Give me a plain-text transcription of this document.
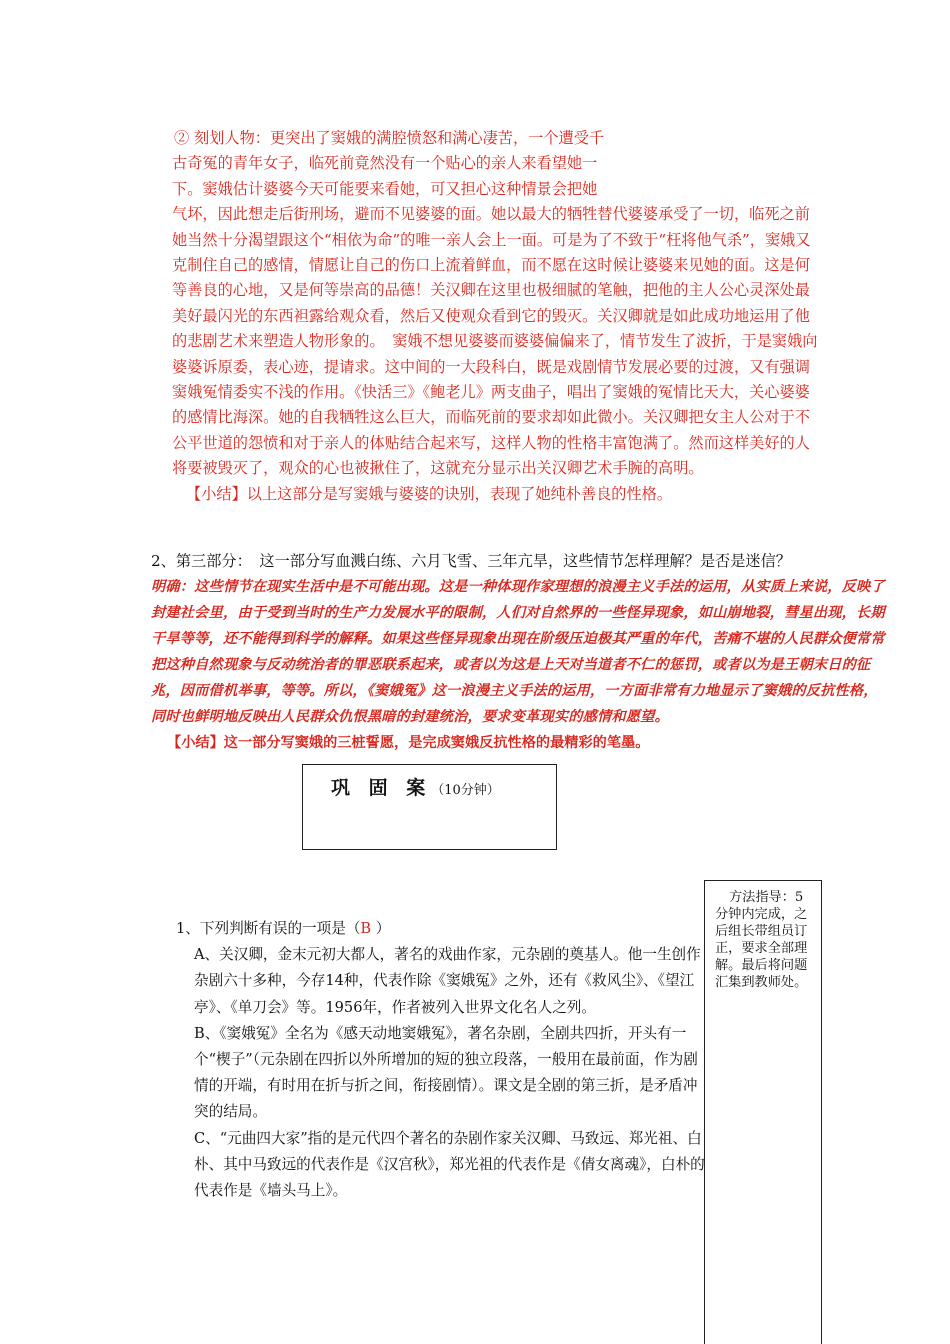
② 刻划人物：更突出了窦娥的满腔愤怒和满心凄苦，一个遭受千

古奇冤的青年女子，临死前竟然没有一个贴心的亲人来看望她一

下。窦娥估计婆婆今天可能要来看她，可又担心这种情景会把她

气坏，因此想走后街刑场，避而不见婆婆的面。她以最大的牺牲替代婆婆承受了一切，临死之前她当然十分渴望跟这个“相依为命”的唯一亲人会上一面。可是为了不致于“枉将他气杀”，窦娥又克制住自己的感情，情愿让自己的伤口上流着鲜血，而不愿在这时候让婆婆来见她的面。这是何等善良的心地，又是何等崇高的品德！关汉卿在这里也极细腻的笔触，把他的主人公心灵深处最美好最闪光的东西袒露给观众看，然后又使观众看到它的毁灭。关汉卿就是如此成功地运用了他的悲剧艺术来塑造人物形象的。　窦娥不想见婆婆而婆婆偏偏来了，情节发生了波折，于是窦娥向婆婆诉原委，表心迹，提请求。这中间的一大段科白，既是戏剧情节发展必要的过渡，又有强调窦娥冤情委实不浅的作用。《快活三》《鲍老儿》两支曲子，唱出了窦娥的冤情比天大，关心婆婆的感情比海深。她的自我牺牲这么巨大，而临死前的要求却如此微小。关汉卿把女主人公对于不公平世道的怨愤和对于亲人的体贴结合起来写，这样人物的性格丰富饱满了。然而这样美好的人将要被毁灭了，观众的心也被揪住了，这就充分显示出关汉卿艺术手腕的高明。

【小结】以上这部分是写窦娥与婆婆的诀别，表现了她纯朴善良的性格。

2、第三部分：　这一部分写血溅白练、六月飞雪、三年亢旱，这些情节怎样理解？是否是迷信？

明确：这些情节在现实生活中是不可能出现。这是一种体现作家理想的浪漫主义手法的运用，从实质上来说，反映了封建社会里，由于受到当时的生产力发展水平的限制，人们对自然界的一些怪异现象，如山崩地裂，彗星出现，长期干旱等等，还不能得到科学的解释。如果这些怪异现象出现在阶级压迫极其严重的年代，苦痛不堪的人民群众便常常把这种自然现象与反动统治者的罪恶联系起来，或者以为这是上天对当道者不仁的惩罚，或者以为是王朝末日的征兆，因而借机举事，等等。所以，《窦娥冤》这一浪漫主义手法的运用，一方面非常有力地显示了窦娥的反抗性格，同时也鲜明地反映出人民群众仇恨黑暗的封建统治，要求变革现实的感情和愿望。

【小结】这一部分写窦娥的三桩誓愿，是完成窦娥反抗性格的最精彩的笔墨。

巩 固 案（10分钟）

方法指导：5分钟内完成，之后组长带组员订正，要求全部理解。最后将问题汇集到教师处。

1、下列判断有误的一项是（B ）

A、关汉卿，金末元初大都人，著名的戏曲作家，元杂剧的奠基人。他一生创作杂剧六十多种，今存14种，代表作除《窦娥冤》之外，还有《救风尘》、《望江亭》、《单刀会》等。1956年，作者被列入世界文化名人之列。

B、《窦娥冤》全名为《感天动地窦娥冤》，著名杂剧，全剧共四折，开头有一个“楔子”（元杂剧在四折以外所增加的短的独立段落，一般用在最前面，作为剧情的开端，有时用在折与折之间，衔接剧情）。课文是全剧的第三折，是矛盾冲突的结局。

C、“元曲四大家”指的是元代四个著名的杂剧作家关汉卿、马致远、郑光祖、白朴、其中马致远的代表作是《汉宫秋》，郑光祖的代表作是《倩女离魂》，白朴的代表作是《墙头马上》。
